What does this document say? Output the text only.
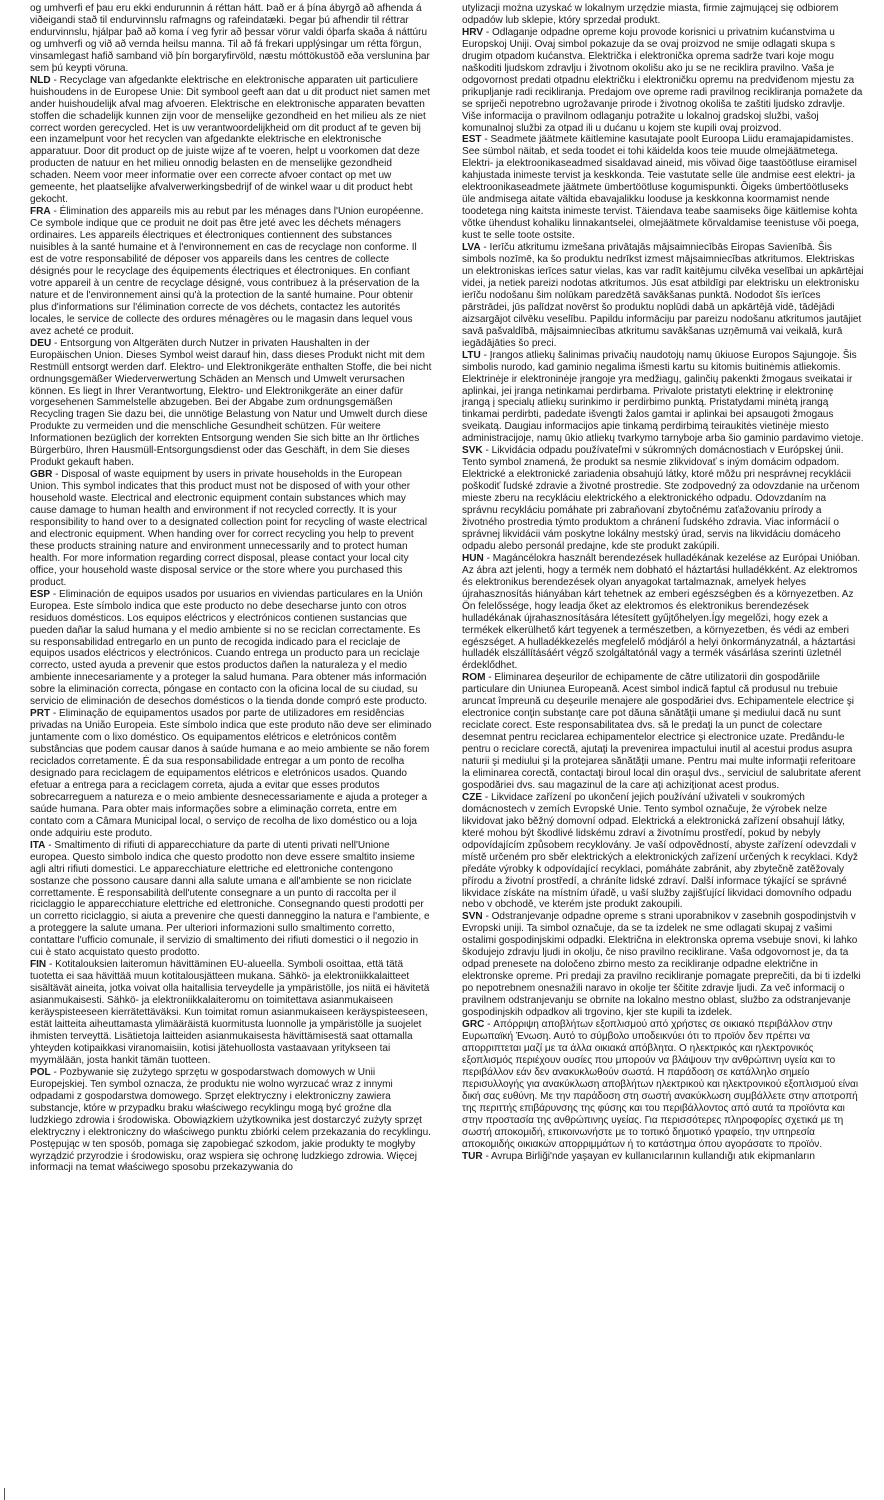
og umhverfi ef þau eru ekki endurunnin á réttan hátt. Það er á þína ábyrgð að afhenda á viðeigandi stað til endurvinnslu rafmagns og rafeindatæki. Þegar þú afhendir til réttrar endurvinnslu, hjálpar það að koma í veg fyrir að þessar vörur valdi óþarfa skaða á náttúru og umhverfi og við að vernda heilsu manna. Til að fá frekari upplýsingar um rétta förgun, vinsamlegast hafið samband við þín borgaryfirvöld, næstu móttökustöð eða verslunina þar sem þú keypti vöruna.

NLD - Recyclage van afgedankte elektrische en elektronische apparaten uit particuliere huishoudens in de Europese Unie: Dit symbool geeft aan dat u dit product niet samen met ander huishoudelijk afval mag afvoeren. Elektrische en elektronische apparaten bevatten stoffen die schadelijk kunnen zijn voor de menselijke gezondheid en het milieu als ze niet correct worden gerecycled. Het is uw verantwoordelijkheid om dit product af te geven bij een inzamelpunt voor het recyclen van afgedankte elektrische en elektronische apparatuur. Door dit product op de juiste wijze af te voeren, helpt u voorkomen dat deze producten de natuur en het milieu onnodig belasten en de menselijke gezondheid schaden. Neem voor meer informatie over een correcte afvoer contact op met uw gemeente, het plaatselijke afvalverwerkingsbedrijf of de winkel waar u dit product hebt gekocht.

FRA - Élimination des appareils mis au rebut par les ménages dans l'Union européenne. Ce symbole indique que ce produit ne doit pas être jeté avec les déchets ménagers ordinaires. Les appareils électriques et électroniques contiennent des substances nuisibles à la santé humaine et à l'environnement en cas de recyclage non conforme. Il est de votre responsabilité de déposer vos appareils dans les centres de collecte désignés pour le recyclage des équipements électriques et électroniques. En confiant votre appareil à un centre de recyclage désigné, vous contribuez à la préservation de la nature et de l'environnement ainsi qu'à la protection de la santé humaine. Pour obtenir plus d'informations sur l'élimination correcte de vos déchets, contactez les autorités locales, le service de collecte des ordures ménagères ou le magasin dans lequel vous avez acheté ce produit.

DEU - Entsorgung von Altgeräten durch Nutzer in privaten Haushalten in der Europäischen Union. Dieses Symbol weist darauf hin, dass dieses Produkt nicht mit dem Restmüll entsorgt werden darf. Elektro- und Elektronikgeräte enthalten Stoffe, die bei nicht ordnungsgemäßer Wiederverwertung Schäden an Mensch und Umwelt verursachen können. Es liegt in Ihrer Verantwortung, Elektro- und Elektronikgeräte an einer dafür vorgesehenen Sammelstelle abzugeben. Bei der Abgabe zum ordnungsgemäßen Recycling tragen Sie dazu bei, die unnötige Belastung von Natur und Umwelt durch diese Produkte zu vermeiden und die menschliche Gesundheit schützen. Für weitere Informationen bezüglich der korrekten Entsorgung wenden Sie sich bitte an Ihr örtliches Bürgerbüro, Ihren Hausmüll-Entsorgungsdienst oder das Geschäft, in dem Sie dieses Produkt gekauft haben.

GBR - Disposal of waste equipment by users in private households in the European Union. This symbol indicates that this product must not be disposed of with your other household waste. Electrical and electronic equipment contain substances which may cause damage to human health and environment if not recycled correctly. It is your responsibility to hand over to a designated collection point for recycling of waste electrical and electronic equipment. When handing over for correct recycling you help to prevent these products straining nature and environment unnecessarily and to protect human health. For more information regarding correct disposal, please contact your local city office, your household waste disposal service or the store where you purchased this product.

ESP - Eliminación de equipos usados por usuarios en viviendas particulares en la Unión Europea. Este símbolo indica que este producto no debe desecharse junto con otros residuos domésticos. Los equipos eléctricos y electrónicos contienen sustancias que pueden dañar la salud humana y el medio ambiente si no se reciclan correctamente. Es su responsabilidad entregarlo en un punto de recogida indicado para el reciclaje de equipos usados eléctricos y electrónicos. Cuando entrega un producto para un reciclaje correcto, usted ayuda a prevenir que estos productos dañen la naturaleza y el medio ambiente innecesariamente y a proteger la salud humana. Para obtener más información sobre la eliminación correcta, póngase en contacto con la oficina local de su ciudad, su servicio de eliminación de desechos domésticos o la tienda donde compró este producto.

PRT - Eliminação de equipamentos usados por parte de utilizadores em residências privadas na União Europeia. Este símbolo indica que este produto não deve ser eliminado juntamente com o lixo doméstico. Os equipamentos elétricos e eletrónicos contêm substâncias que podem causar danos à saúde humana e ao meio ambiente se não forem reciclados corretamente. É da sua responsabilidade entregar a um ponto de recolha designado para reciclagem de equipamentos elétricos e eletrónicos usados. Quando efetuar a entrega para a reciclagem correta, ajuda a evitar que esses produtos sobrecarreguem a natureza e o meio ambiente desnecessariamente e ajuda a proteger a saúde humana. Para obter mais informações sobre a eliminação correta, entre em contato com a Câmara Municipal local, o serviço de recolha de lixo doméstico ou a loja onde adquiriu este produto.

ITA - Smaltimento di rifiuti di apparecchiature da parte di utenti privati nell'Unione europea. Questo simbolo indica che questo prodotto non deve essere smaltito insieme agli altri rifiuti domestici. Le apparecchiature elettriche ed elettroniche contengono sostanze che possono causare danni alla salute umana e all'ambiente se non riciclate correttamente. È responsabilità dell'utente consegnare a un punto di raccolta per il riciclaggio le apparecchiature elettriche ed elettroniche. Consegnando questi prodotti per un corretto riciclaggio, si aiuta a prevenire che questi danneggino la natura e l'ambiente, e a proteggere la salute umana. Per ulteriori informazioni sullo smaltimento corretto, contattare l'ufficio comunale, il servizio di smaltimento dei rifiuti domestici o il negozio in cui è stato acquistato questo prodotto.

FIN - Kotitalouksien laiteromun hävittäminen EU-alueella. Symboli osoittaa, että tätä tuotetta ei saa hävittää muun kotitalousjätteen mukana. Sähkö- ja elektroniikkalaitteet sisältävät aineita, jotka voivat olla haitallisia terveydelle ja ympäristölle, jos niitä ei hävitetä asianmukaisesti. Sähkö- ja elektroniikkalaiteromu on toimitettava asianmukaiseen keräyspisteeseen kierrätettäväksi. Kun toimitat romun asianmukaiseen keräyspisteeseen, estät laitteita aiheuttamasta ylimääräistä kuormitusta luonnolle ja ympäristölle ja suojelet ihmisten terveyttä. Lisätietoja laitteiden asianmukaisesta hävittämisestä saat ottamalla yhteyden kotipaikkasi viranomaisiin, kotisi jätehuollosta vastaavaan yritykseen tai myymälään, josta hankit tämän tuotteen.

POL - Pozbywanie się zużytego sprzętu w gospodarstwach domowych w Unii Europejskiej. Ten symbol oznacza, że produktu nie wolno wyrzucać wraz z innymi odpadami z gospodarstwa domowego. Sprzęt elektryczny i elektroniczny zawiera substancje, które w przypadku braku właściwego recyklingu mogą być groźne dla ludzkiego zdrowia i środowiska. Obowiązkiem użytkownika jest dostarczyć zużyty sprzęt elektryczny i elektroniczny do właściwego punktu zbiórki celem przekazania do recyklingu. Postępując w ten sposób, pomaga się zapobiegać szkodom, jakie produkty te mogłyby wyrządzić przyrodzie i środowisku, oraz wspiera się ochronę ludzkiego zdrowia. Więcej informacji na temat właściwego sposobu przekazywania do

utylizacji można uzyskać w lokalnym urzędzie miasta, firmie zajmującej się odbiorem odpadów lub sklepie, który sprzedał produkt.

HRV - Odlaganje odpadne opreme koju provode korisnici u privatnim kućanstvima u Europskoj Uniji. Ovaj simbol pokazuje da se ovaj proizvod ne smije odlagati skupa s drugim otpadom kućanstva. Električka i elektronička oprema sadrže tvari koje mogu naškoditi ljudskom zdravlju i životnom okolišu ako ju se ne reciklira pravilno. Vaša je odgovornost predati otpadnu električku i elektroničku opremu na predviđenom mjestu za prikupljanje radi recikliranja. Predajom ove opreme radi pravilnog recikliranja pomažete da se spriječi nepotrebno ugrožavanje prirode i životnog okoliša te zaštiti ljudsko zdravlje. Više informacija o pravilnom odlaganju potražite u lokalnoj gradskoj službi, vašoj komunalnoj službi za otpad ili u dućanu u kojem ste kupili ovaj proizvod.

EST - Seadmete jäätmete käitlemine kasutajate poolt Euroopa Liidu eramajapidamistes. See sümbol näitab, et seda toodet ei tohi käidelda koos teie muude olmejäätmetega. Elektri- ja elektroonikaseadmed sisaldavad aineid, mis võivad õige taastöötluse eiramisel kahjustada inimeste tervist ja keskkonda. Teie vastutate selle üle andmise eest elektri- ja elektroonikaseadmete jäätmete ümbertöötluse kogumispunkti. Õigeks ümbertöötluseks üle andmisega aitate vältida ebavajalikku looduse ja keskkonna koormamist nende toodetega ning kaitsta inimeste tervist. Täiendava teabe saamiseks õige käitlemise kohta võtke ühendust kohaliku linnakantselei, olmejäätmete kõrvaldamise teenistuse või poega, kust te selle toote ostsite.

LVA - Ierīču atkritumu izmešana privātajās mājsaimniecībās Eiropas Savienībā. Šis simbols nozīmē, ka šo produktu nedrīkst izmest mājsaimniecības atkritumos. Elektriskas un elektroniskas ierīces satur vielas, kas var radīt kaitējumu cilvēka veselībai un apkārtējai videi, ja netiek pareizi nodotas atkritumos. Jūs esat atbildīgi par elektrisku un elektronisku ierīču nodošanu šim nolūkam paredzētā savākšanas punktā. Nododot šīs ierīces pārstrādei, jūs palīdzat novērst šo produktu noplūdi dabā un apkārtējā vidē, tādējādi aizsargājot cilvēku veselību. Papildu informāciju par pareizu nodošanu atkritumos jautājiet savā pašvaldībā, mājsaimniecības atkritumu savākšanas uzņēmumā vai veikalā, kurā iegādājāties šo preci.

LTU - Įrangos atliekų šalinimas privačių naudotojų namų ūkiuose Europos Sąjungoje. Šis simbolis nurodo, kad gaminio negalima išmesti kartu su kitomis buitinėmis atliekomis. Elektrinėje ir elektroninėje įrangoje yra medžiagų, galinčių pakenkti žmogaus sveikatai ir aplinkai, jei įranga netinkamai perdirbama. Privalote pristatyti elektrinę ir elektroninę įrangą į specialų atliekų surinkimo ir perdirbimo punktą. Pristatydami minėtą įrangą tinkamai perdirbti, padedate išvengti žalos gamtai ir aplinkai bei apsaugoti žmogaus sveikatą. Daugiau informacijos apie tinkamą perdirbimą teiraukitės vietinėje miesto administracijoje, namų ūkio atliekų tvarkymo tarnyboje arba šio gaminio pardavimo vietoje.

SVK - Likvidácia odpadu používateľmi v súkromných domácnostiach v Európskej únii. Tento symbol znamená, že produkt sa nesmie zlikvidovať s iným domácim odpadom. Elektrické a elektronické zariadenia obsahujú látky, ktoré môžu pri nesprávnej recyklácii poškodiť ľudské zdravie a životné prostredie. Ste zodpovedný za odovzdanie na určenom mieste zberu na recykláciu elektrického a elektronického odpadu. Odovzdaním na správnu recykláciu pomáhate pri zabraňovaní zbytočnému zaťažovaniu prírody a životného prostredia týmto produktom a chránení ľudského zdravia. Viac informácií o správnej likvidácii vám poskytne lokálny mestský úrad, servis na likvidáciu domáceho odpadu alebo personál predajne, kde ste produkt zakúpili.

HUN - Magáncélokra használt berendezések hulladékának kezelése az Európai Unióban. Az ábra azt jelenti, hogy a termék nem dobható el háztartási hulladékként. Az elektromos és elektronikus berendezések olyan anyagokat tartalmaznak, amelyek helyes újrahasznosítás hiányában kárt tehetnek az emberi egészségben és a környezetben. Az Ön felelőssége, hogy leadja őket az elektromos és elektronikus berendezések hulladékának újrahasznosítására létesített gyűjtőhelyen.Így megelőzi, hogy ezek a termékek elkerülhető kárt tegyenek a természetben, a környezetben, és védi az emberi egészséget. A hulladékkezelés megfelelő módjáról a helyi önkormányzatnál, a háztartási hulladék elszállításáért végző szolgáltatónál vagy a termék vásárlása szerinti üzletnél érdeklődhet.

ROM - Eliminarea deşeurilor de echipamente de către utilizatorii din gospodăriile particulare din Uniunea Europeană. Acest simbol indică faptul că produsul nu trebuie aruncat împreună cu deşeurile menajere ale gospodăriei dvs. Echipamentele electrice şi electronice conţin substanţe care pot dăuna sănătăţii umane şi mediului dacă nu sunt reciclate corect. Este responsabilitatea dvs. să le predaţi la un punct de colectare desemnat pentru reciclarea echipamentelor electrice şi electronice uzate. Predându-le pentru o reciclare corectă, ajutaţi la prevenirea impactului inutil al acestui produs asupra naturii şi mediului şi la protejarea sănătăţii umane. Pentru mai multe informaţii referitoare la eliminarea corectă, contactaţi biroul local din oraşul dvs., serviciul de salubritate aferent gospodăriei dvs. sau magazinul de la care aţi achiziţionat acest produs.

CZE - Likvidace zařízení po ukončení jejich používání uživateli v soukromých domácnostech v zemích Evropské Unie. Tento symbol označuje, že výrobek nelze likvidovat jako běžný domovní odpad. Elektrická a elektronická zařízení obsahují látky, které mohou být škodlivé lidskému zdraví a životnímu prostředí, pokud by nebyly odpovídajícím způsobem recyklovány. Je vaší odpovědností, abyste zařízení odevzdali v místě určeném pro sběr elektrických a elektronických zařízení určených k recyklaci. Když předáte výrobky k odpovídající recyklaci, pomáháte zabránit, aby zbytečně zatěžovaly přírodu a životní prostředí, a chráníte lidské zdraví. Další informace týkající se správné likvidace získáte na místním úřadě, u vaší služby zajišťující likvidaci domovního odpadu nebo v obchodě, ve kterém jste produkt zakoupili.

SVN - Odstranjevanje odpadne opreme s strani uporabnikov v zasebnih gospodinjstvih v Evropski uniji. Ta simbol označuje, da se ta izdelek ne sme odlagati skupaj z vašimi ostalimi gospodinjskimi odpadki. Električna in elektronska oprema vsebuje snovi, ki lahko škodujejo zdravju ljudi in okolju, če niso pravilno reciklirane. Vaša odgovornost je, da ta odpad prenesete na določeno zbirno mesto za recikliranje odpadne električne in elektronske opreme. Pri predaji za pravilno recikliranje pomagate preprečiti, da bi ti izdelki po nepotrebnem onesnažili naravo in okolje ter ščitite zdravje ljudi. Za več informacij o pravilnem odstranjevanju se obrnite na lokalno mestno oblast, službo za odstranjevanje gospodinjskih odpadkov ali trgovino, kjer ste kupili ta izdelek.

GRC - Απόρριψη αποβλήτων εξοπλισμού από χρήστες σε οικιακό περιβάλλον στην Ευρωπαϊκή Ένωση. Αυτό το σύμβολο υποδεικνύει ότι το προϊόν δεν πρέπει να απορριπτεται μαζί με τα άλλα οικιακά απόβλητα. Ο ηλεκτρικός και ηλεκτρονικός εξοπλισμός περιέχουν ουσίες που μπορούν να βλάψουν την ανθρώπινη υγεία και το περιβάλλον εάν δεν ανακυκλωθούν σωστά. Η παράδοση σε κατάλληλο σημείο περισυλλογής για ανακύκλωση αποβλήτων ηλεκτρικού και ηλεκτρονικού εξοπλισμού είναι δική σας ευθύνη. Με την παράδοση στη σωστή ανακύκλωση συμβάλλετε στην αποτροπή της περιττής επιβάρυνσης της φύσης και του περιβάλλοντος από αυτά τα προϊόντα και στην προστασία της ανθρώπινης υγείας. Για περισσότερες πληροφορίες σχετικά με τη σωστή αποκομιδή, επικοινωνήστε με το τοπικό δημοτικό γραφείο, την υπηρεσία αποκομιδής οικιακών απορριμμάτων ή το κατάστημα όπου αγοράσατε το προϊόν.

TUR - Avrupa Birliği'nde yaşayan ev kullanıcılarının kullandığı atık ekipmanların
